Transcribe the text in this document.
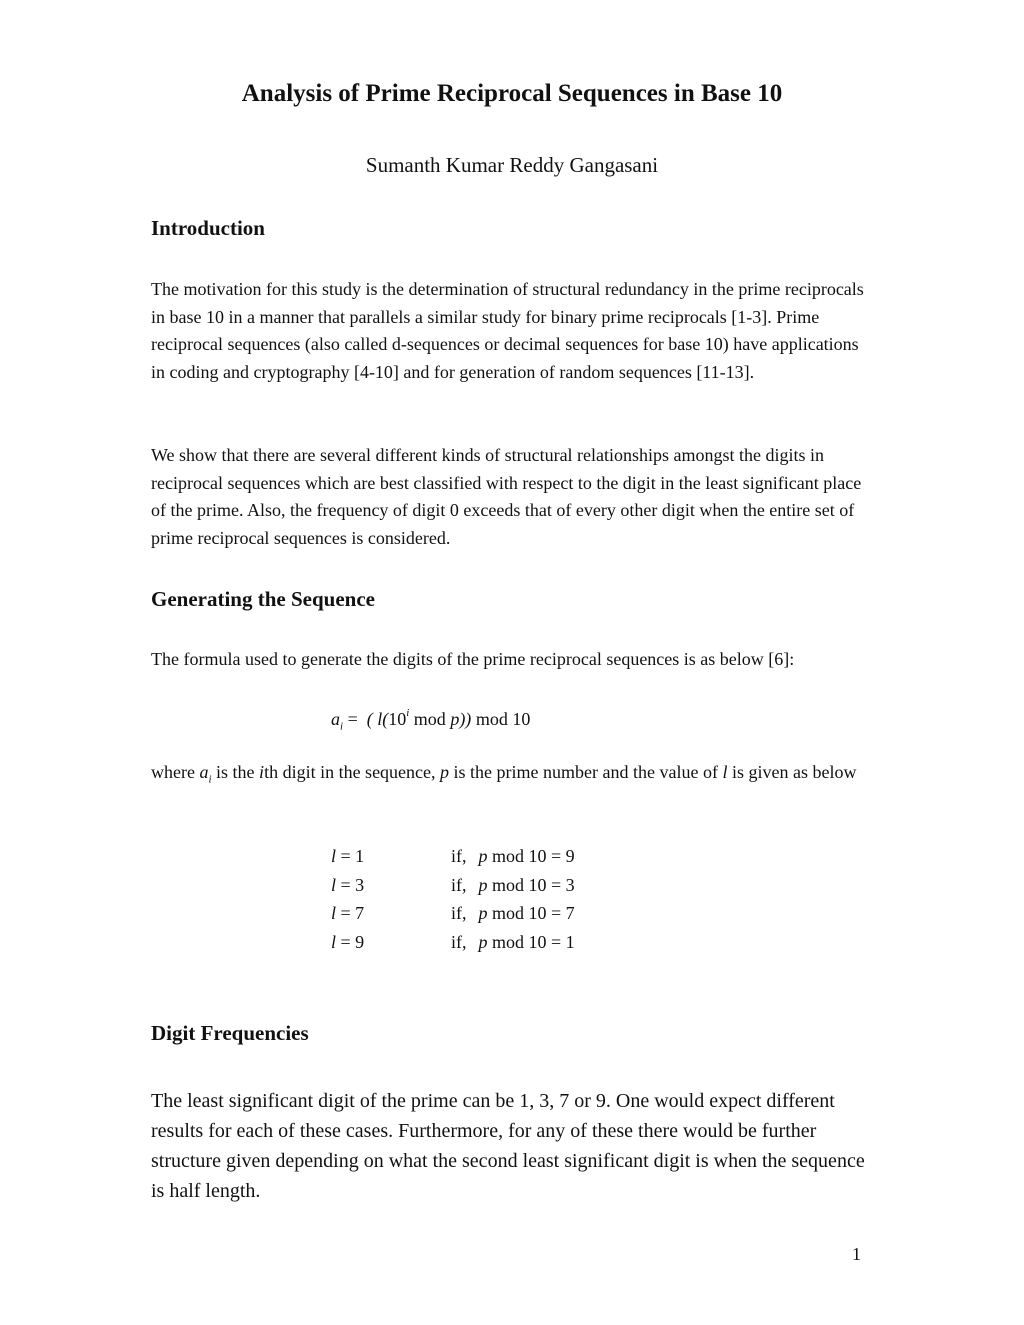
Analysis of Prime Reciprocal Sequences in Base 10

Sumanth Kumar Reddy Gangasani

Introduction

The motivation for this study is the determination of structural redundancy in the prime reciprocals in base 10 in a manner that parallels a similar study for binary prime reciprocals [1-3]. Prime reciprocal sequences (also called d-sequences or decimal sequences for base 10) have applications in coding and cryptography [4-10] and for generation of random sequences [11-13].

We show that there are several different kinds of structural relationships amongst the digits in reciprocal sequences which are best classified with respect to the digit in the least significant place of the prime. Also, the frequency of digit 0 exceeds that of every other digit when the entire set of prime reciprocal sequences is considered.

Generating the Sequence

The formula used to generate the digits of the prime reciprocal sequences is as below [6]:

$a_i$ =  ( l(10$^i$ mod p)) mod 10

where $a_i$ is the ith digit in the sequence, p is the prime number and the value of l is given as below

l = 1	if, p mod 10 = 9
l = 3	if, p mod 10 = 3
l = 7	if, p mod 10 = 7
l = 9	if, p mod 10 = 1
Digit Frequencies

The least significant digit of the prime can be 1, 3, 7 or 9. One would expect different results for each of these cases. Furthermore, for any of these there would be further structure given depending on what the second least significant digit is when the sequence is half length.

1
